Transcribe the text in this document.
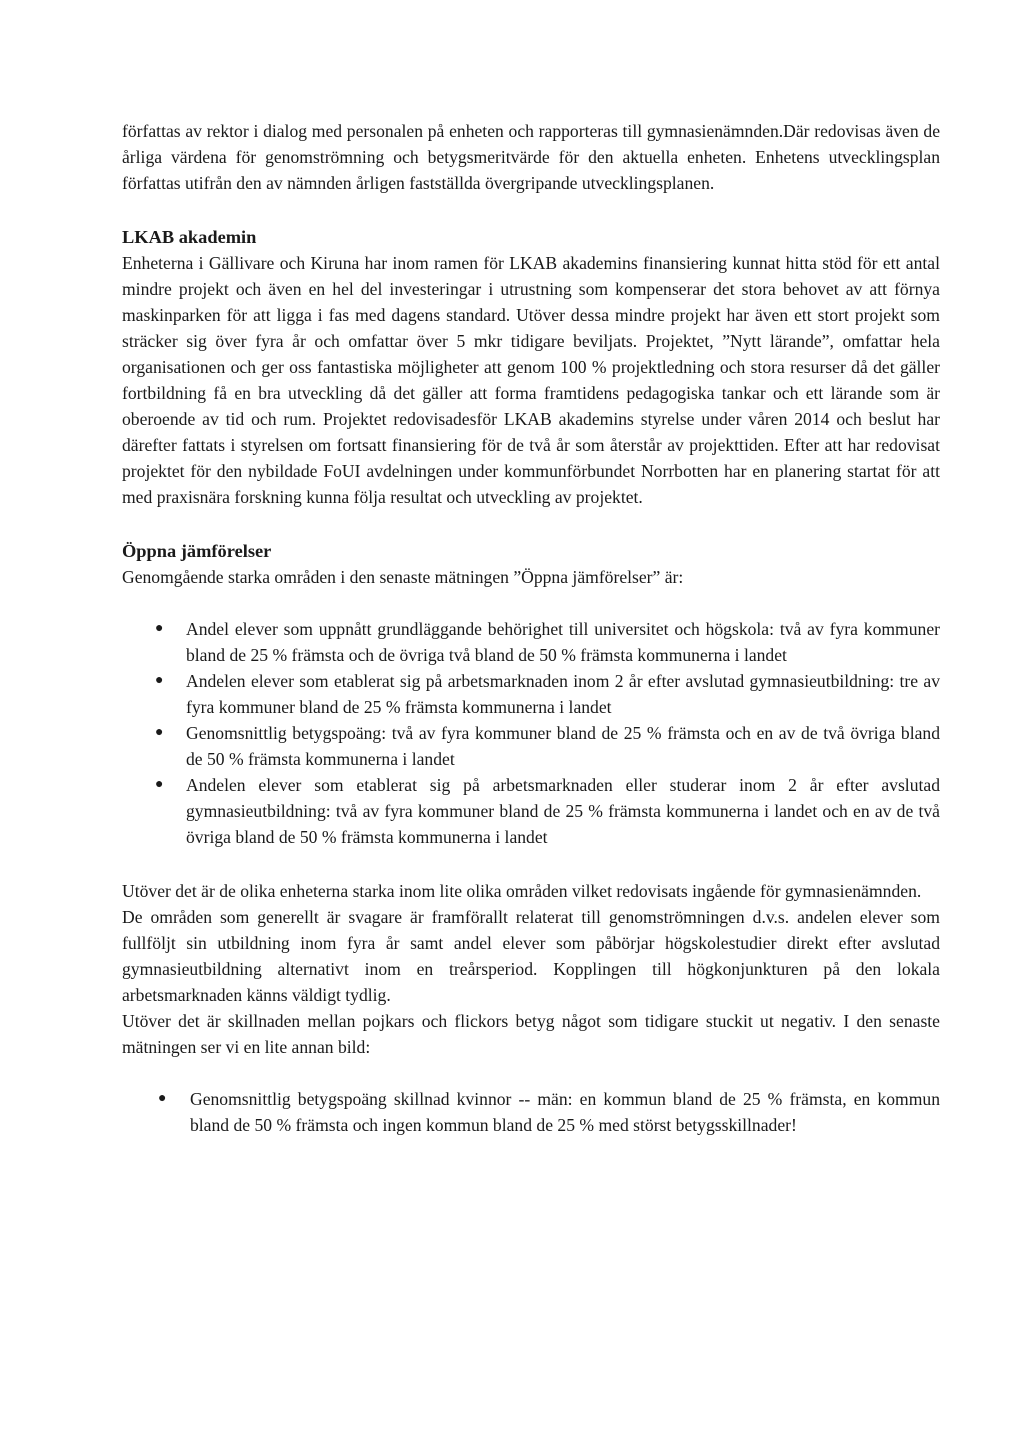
författas av rektor i dialog med personalen på enheten och rapporteras till gymnasienämnden.Där redovisas även de årliga värdena för genomströmning och betygsmeritvärde för den aktuella enheten. Enhetens utvecklingsplan författas utifrån den av nämnden årligen fastställda övergripande utvecklingsplanen.

LKAB akademin

Enheterna i Gällivare och Kiruna har inom ramen för LKAB akademins finansiering kunnat hitta stöd för ett antal mindre projekt och även en hel del investeringar i utrustning som kompenserar det stora behovet av att förnya maskinparken för att ligga i fas med dagens standard. Utöver dessa mindre projekt har även ett stort projekt som sträcker sig över fyra år och omfattar över 5 mkr tidigare beviljats. Projektet, ”Nytt lärande”, omfattar hela organisationen och ger oss fantastiska möjligheter att genom 100 % projektledning och stora resurser då det gäller fortbildning få en bra utveckling då det gäller att forma framtidens pedagogiska tankar och ett lärande som är oberoende av tid och rum. Projektet redovisadesför LKAB akademins styrelse under våren 2014 och beslut har därefter fattats i styrelsen om fortsatt finansiering för de två år som återstår av projekttiden. Efter att har redovisat projektet för den nybildade FoUI avdelningen under kommunförbundet Norrbotten har en planering startat för att med praxisnära forskning kunna följa resultat och utveckling av projektet.

Öppna jämförelser

Genomgående starka områden i den senaste mätningen ”Öppna jämförelser” är:

● Andel elever som uppnått grundläggande behörighet till universitet och högskola: två av fyra kommuner bland de 25 % främsta och de övriga två bland de 50 % främsta kommunerna i landet
● Andelen elever som etablerat sig på arbetsmarknaden inom 2 år efter avslutad gymnasieutbildning: tre av fyra kommuner bland de 25 % främsta kommunerna i landet
● Genomsnittlig betygspoäng: två av fyra kommuner bland de 25 % främsta och en av de två övriga bland de 50 % främsta kommunerna i landet
● Andelen elever som etablerat sig på arbetsmarknaden eller studerar inom 2 år efter avslutad gymnasieutbildning: två av fyra kommuner bland de 25 % främsta kommunerna i landet och en av de två övriga bland de 50 % främsta kommunerna i landet

Utöver det är de olika enheterna starka inom lite olika områden vilket redovisats ingående för gymnasienämnden.

De områden som generellt är svagare är framförallt relaterat till genomströmningen d.v.s. andelen elever som fullföljt sin utbildning inom fyra år samt andel elever som påbörjar högskolestudier direkt efter avslutad gymnasieutbildning alternativt inom en treårsperiod. Kopplingen till högkonjunkturen på den lokala arbetsmarknaden känns väldigt tydlig.

Utöver det är skillnaden mellan pojkars och flickors betyg något som tidigare stuckit ut negativ. I den senaste mätningen ser vi en lite annan bild:

● Genomsnittlig betygspoäng skillnad kvinnor -- män: en kommun bland de 25 % främsta, en kommun bland de 50 % främsta och ingen kommun bland de 25 % med störst betygsskillnader!
